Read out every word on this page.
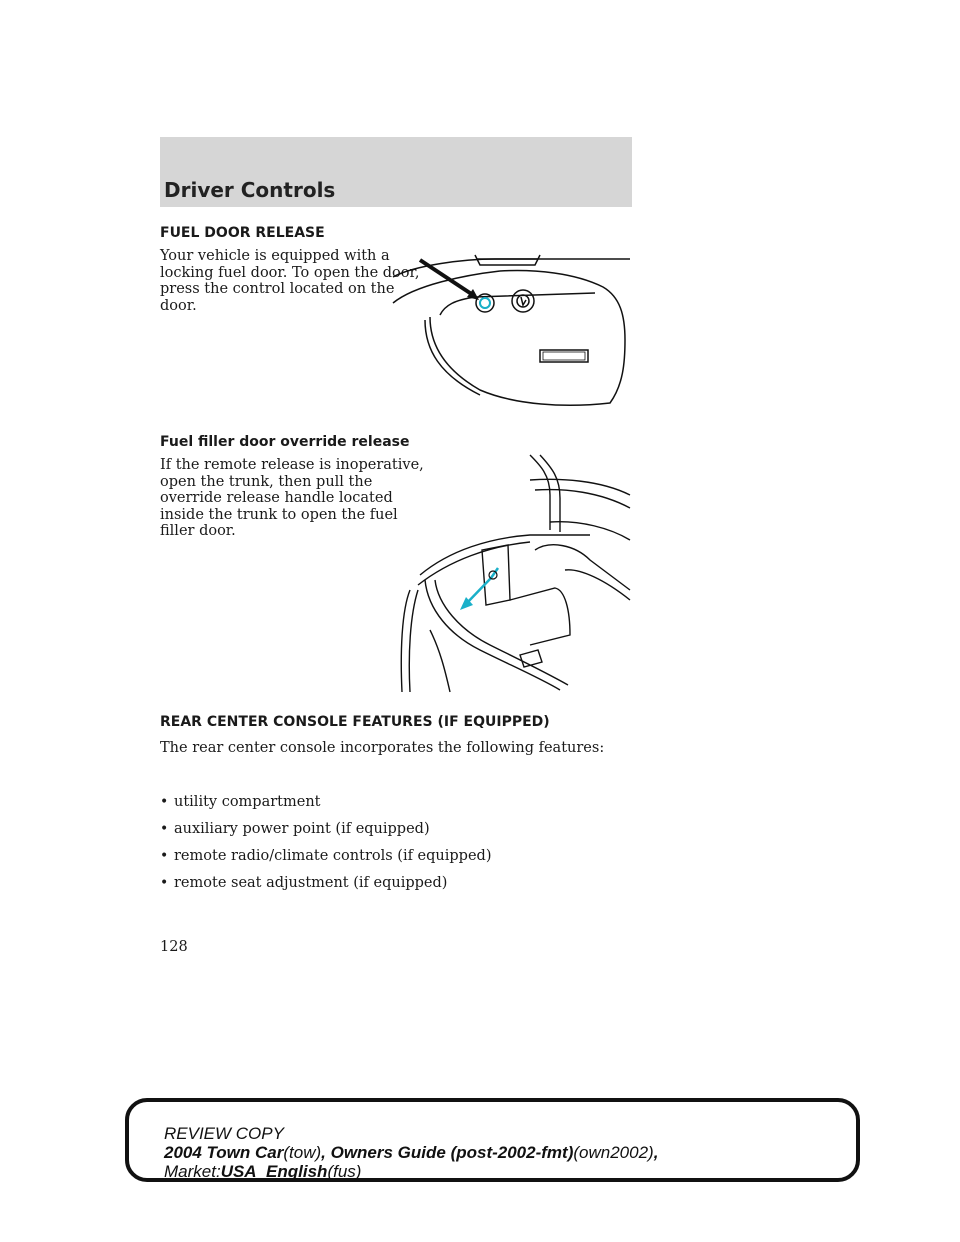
Driver Controls
FUEL DOOR RELEASE

Your vehicle is equipped with a
locking fuel door. To open the door,
press the control located on the
door.

Fuel filler door override release

If the remote release is inoperative,
open the trunk, then pull the
override release handle located
inside the trunk to open the fuel
filler door.

REAR CENTER CONSOLE FEATURES (IF EQUIPPED)

The rear center console incorporates the following features:

• utility compartment
• auxiliary power point (if equipped)
• remote radio/climate controls (if equipped)
• remote seat adjustment (if equipped)

128

REVIEW COPY

2004 Town Car(tow), Owners Guide (post-2002-fmt)(own2002),

Market:USA_English(fus)
